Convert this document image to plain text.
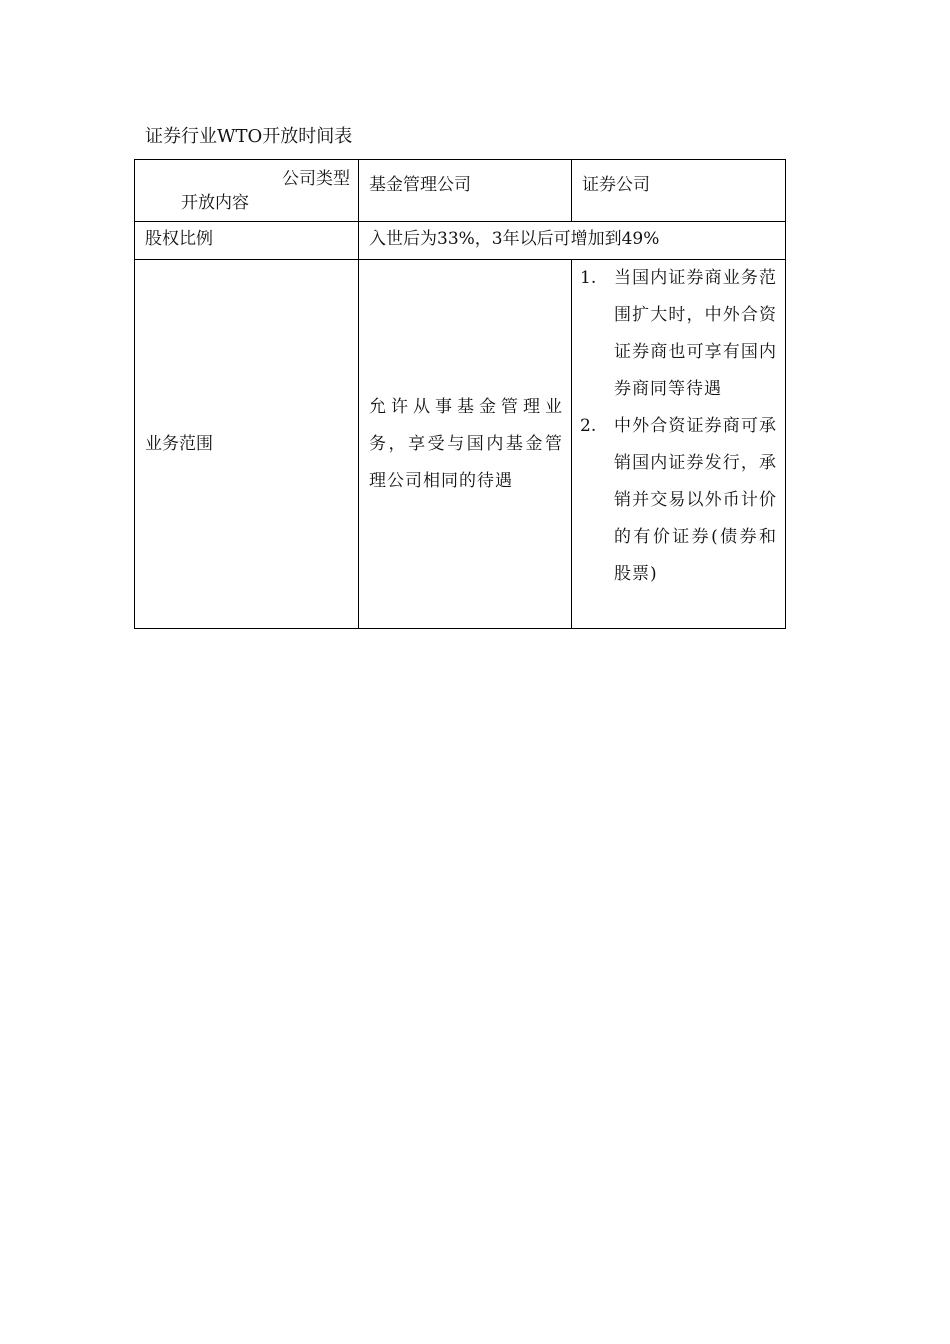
证券行业WTO开放时间表
公司类型
开放内容	基金管理公司	证券公司

股权比例	入世后为33%，3年以后可增加到49%	

业务范围	允许从事基金管理业务，享受与国内基金管理公司相同的待遇	1. 当国内证券商业务范围扩大时，中外合资证券商也可享有国内券商同等待遇
2. 中外合资证券商可承销国内证券发行，承销并交易以外币计价的有价证券(债券和股票)
